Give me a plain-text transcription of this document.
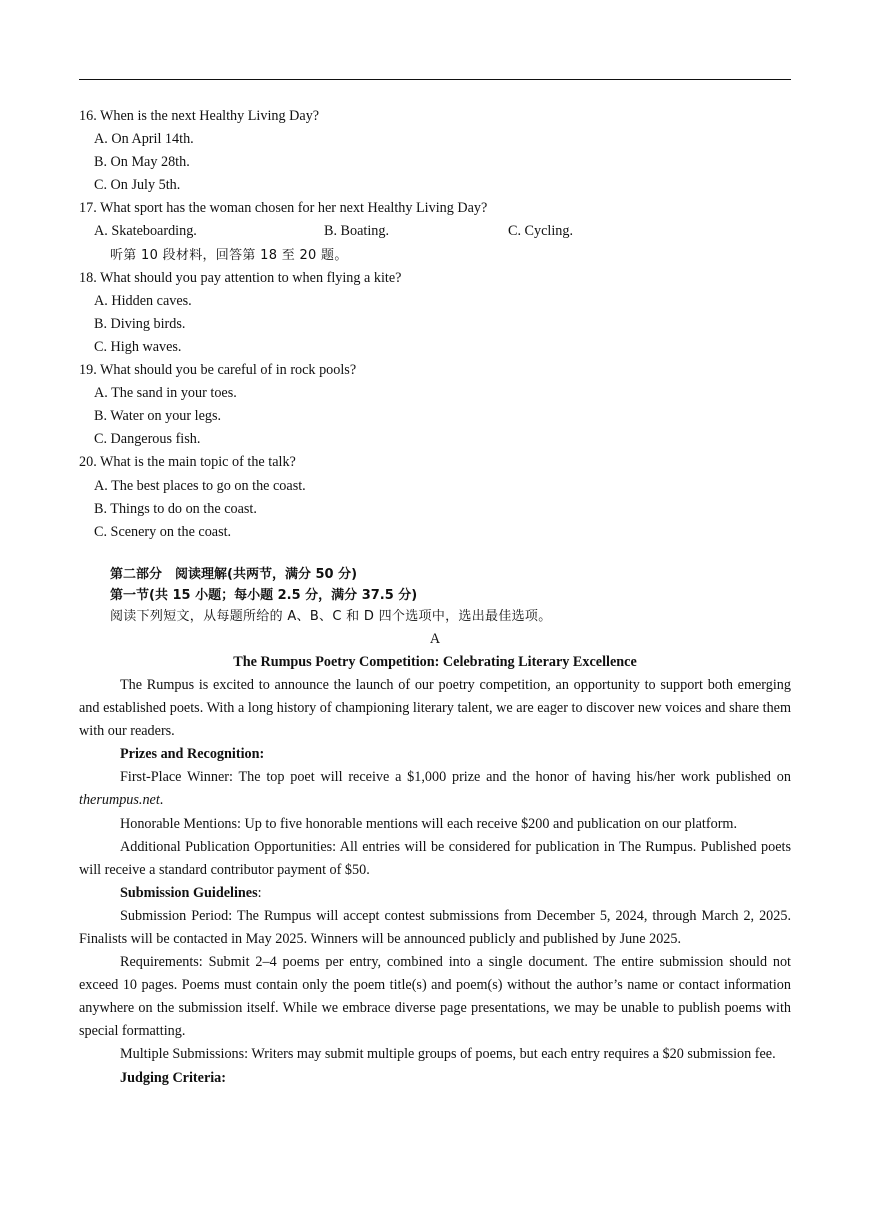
16. When is the next Healthy Living Day?
A. On April 14th.
B. On May 28th.
C. On July 5th.
17. What sport has the woman chosen for her next Healthy Living Day?
A. Skateboarding.	B. Boating.	C. Cycling.
听第 10 段材料，回答第 18 至 20 题。
18. What should you pay attention to when flying a kite?
A. Hidden caves.
B. Diving birds.
C. High waves.
19. What should you be careful of in rock pools?
A. The sand in your toes.
B. Water on your legs.
C. Dangerous fish.
20. What is the main topic of the talk?
A. The best places to go on the coast.
B. Things to do on the coast.
C. Scenery on the coast.
第二部分　阅读理解(共两节，满分 50 分)
第一节(共 15 小题；每小题 2.5 分，满分 37.5 分)
阅读下列短文，从每题所给的 A、B、C 和 D 四个选项中，选出最佳选项。
A
The Rumpus Poetry Competition: Celebrating Literary Excellence
The Rumpus is excited to announce the launch of our poetry competition, an opportunity to support both emerging and established poets. With a long history of championing literary talent, we are eager to discover new voices and share them with our readers.
Prizes and Recognition:
First-Place Winner: The top poet will receive a $1,000 prize and the honor of having his/her work published on therumpus.net.
Honorable Mentions: Up to five honorable mentions will each receive $200 and publication on our platform.
Additional Publication Opportunities: All entries will be considered for publication in The Rumpus. Published poets will receive a standard contributor payment of $50.
Submission Guidelines:
Submission Period: The Rumpus will accept contest submissions from December 5, 2024, through March 2, 2025. Finalists will be contacted in May 2025. Winners will be announced publicly and published by June 2025.
Requirements: Submit 2–4 poems per entry, combined into a single document. The entire submission should not exceed 10 pages. Poems must contain only the poem title(s) and poem(s) without the author’s name or contact information anywhere on the submission itself. While we embrace diverse page presentations, we may be unable to publish poems with special formatting.
Multiple Submissions: Writers may submit multiple groups of poems, but each entry requires a $20 submission fee.
Judging Criteria:
